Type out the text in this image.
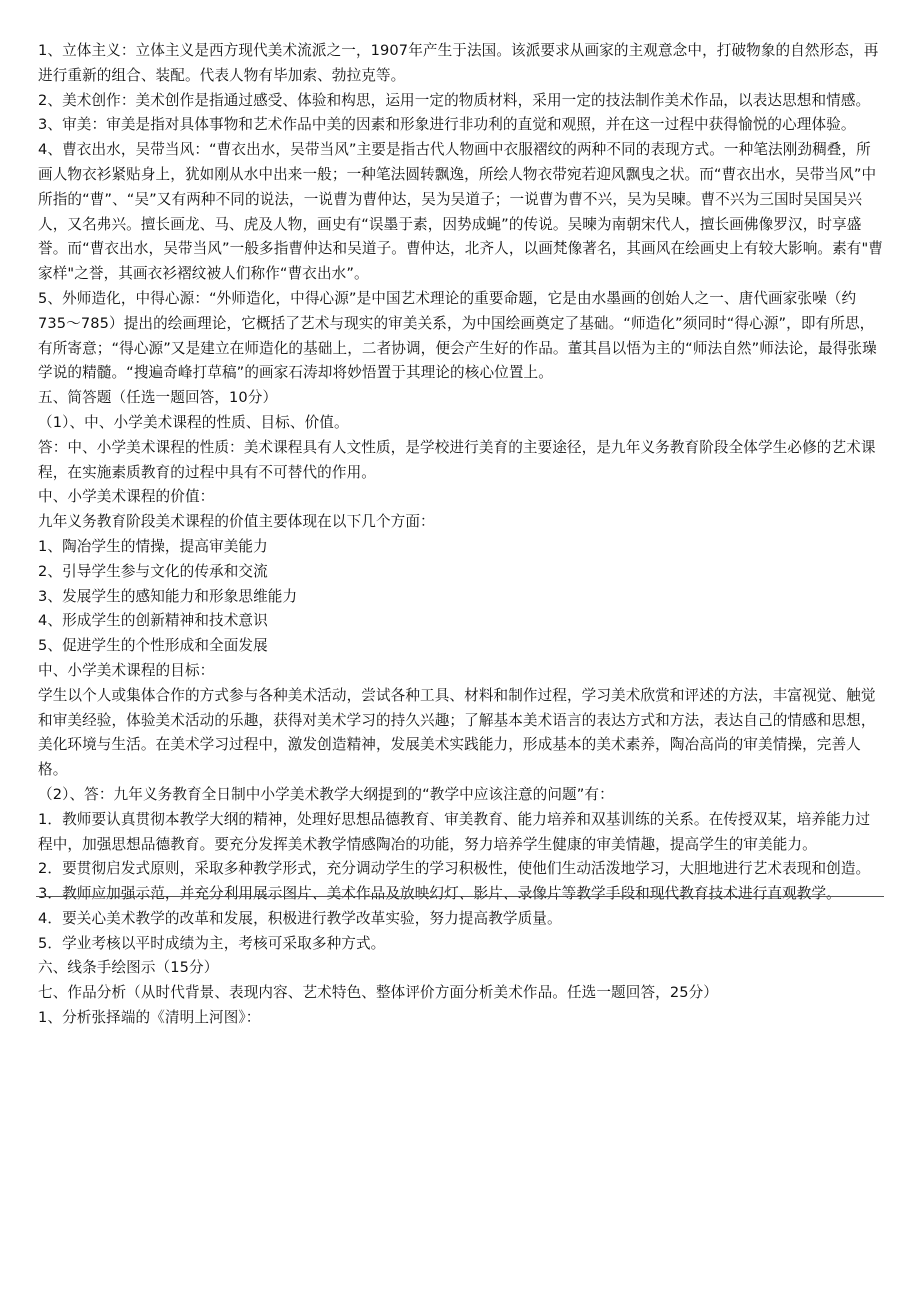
1、立体主义：立体主义是西方现代美术流派之一，1907年产生于法国。该派要求从画家的主观意念中，打破物象的自然形态，再进行重新的组合、装配。代表人物有毕加索、勃拉克等。

2、美术创作：美术创作是指通过感受、体验和构思，运用一定的物质材料，采用一定的技法制作美术作品，以表达思想和情感。

3、审美：审美是指对具体事物和艺术作品中美的因素和形象进行非功利的直觉和观照，并在这一过程中获得愉悦的心理体验。

4、曹衣出水，吴带当风：“曹衣出水，吴带当风”主要是指古代人物画中衣服褶纹的两种不同的表现方式。一种笔法刚劲稠叠，所画人物衣衫紧贴身上，犹如刚从水中出来一般；一种笔法圆转飘逸，所绘人物衣带宛若迎风飘曳之状。而“曹衣出水，吴带当风”中所指的“曹”、“吴”又有两种不同的说法，一说曹为曹仲达，吴为吴道子；一说曹为曹不兴，吴为吴暕。曹不兴为三国时吴国吴兴人，又名弗兴。擅长画龙、马、虎及人物，画史有“误墨于素，因势成蝇”的传说。吴暕为南朝宋代人，擅长画佛像罗汉，时享盛誉。而“曹衣出水，吴带当风”一般多指曹仲达和吴道子。曹仲达，北齐人，以画梵像著名，其画风在绘画史上有较大影响。素有"曹家样"之誉，其画衣衫褶纹被人们称作“曹衣出水”。

5、外师造化，中得心源：“外师造化，中得心源”是中国艺术理论的重要命题，它是由水墨画的创始人之一、唐代画家张噪（约735〜785）提出的绘画理论，它概括了艺术与现实的审美关系，为中国绘画奠定了基础。“师造化”须同时“得心源”，即有所思，有所寄意；“得心源”又是建立在师造化的基础上，二者协调，便会产生好的作品。董其昌以悟为主的“师法自然”师法论，最得张璪学说的精髓。“搜遍奇峰打草稿”的画家石涛却将妙悟置于其理论的核心位置上。

五、简答题（任选一题回答，10分）

（1）、中、小学美术课程的性质、目标、价值。

答：中、小学美术课程的性质：美术课程具有人文性质，是学校进行美育的主要途径，是九年义务教育阶段全体学生必修的艺术课程，在实施素质教育的过程中具有不可替代的作用。

中、小学美术课程的价值：

九年义务教育阶段美术课程的价值主要体现在以下几个方面：

1、陶冶学生的情操，提高审美能力

2、引导学生参与文化的传承和交流

3、发展学生的感知能力和形象思维能力

4、形成学生的创新精神和技术意识

5、促进学生的个性形成和全面发展

中、小学美术课程的目标：

学生以个人或集体合作的方式参与各种美术活动，尝试各种工具、材料和制作过程，学习美术欣赏和评述的方法，丰富视觉、触觉和审美经验，体验美术活动的乐趣，获得对美术学习的持久兴趣；了解基本美术语言的表达方式和方法，表达自己的情感和思想，美化环境与生活。在美术学习过程中，激发创造精神，发展美术实践能力，形成基本的美术素养，陶冶高尚的审美情操，完善人格。

（2）、答：九年义务教育全日制中小学美术教学大纲提到的“教学中应该注意的问题”有：

1．教师要认真贯彻本教学大纲的精神，处理好思想品德教育、审美教育、能力培养和双基训练的关系。在传授双某，培养能力过程中，加强思想品德教育。要充分发挥美术教学情感陶冶的功能，努力培养学生健康的审美情趣，提高学生的审美能力。

2．要贯彻启发式原则，采取多种教学形式，充分调动学生的学习积极性，使他们生动活泼地学习，大胆地进行艺术表现和创造。

3．教师应加强示范，并充分利用展示图片、美术作品及放映幻灯、影片、录像片等教学手段和现代教育技术进行直观教学。

4．要关心美术教学的改革和发展，积极进行教学改革实验，努力提高教学质量。

5．学业考核以平时成绩为主，考核可采取多种方式。

六、线条手绘图示（15分）

七、作品分析（从时代背景、表现内容、艺术特色、整体评价方面分析美术作品。任选一题回答，25分）

1、分析张择端的《清明上河图》：
